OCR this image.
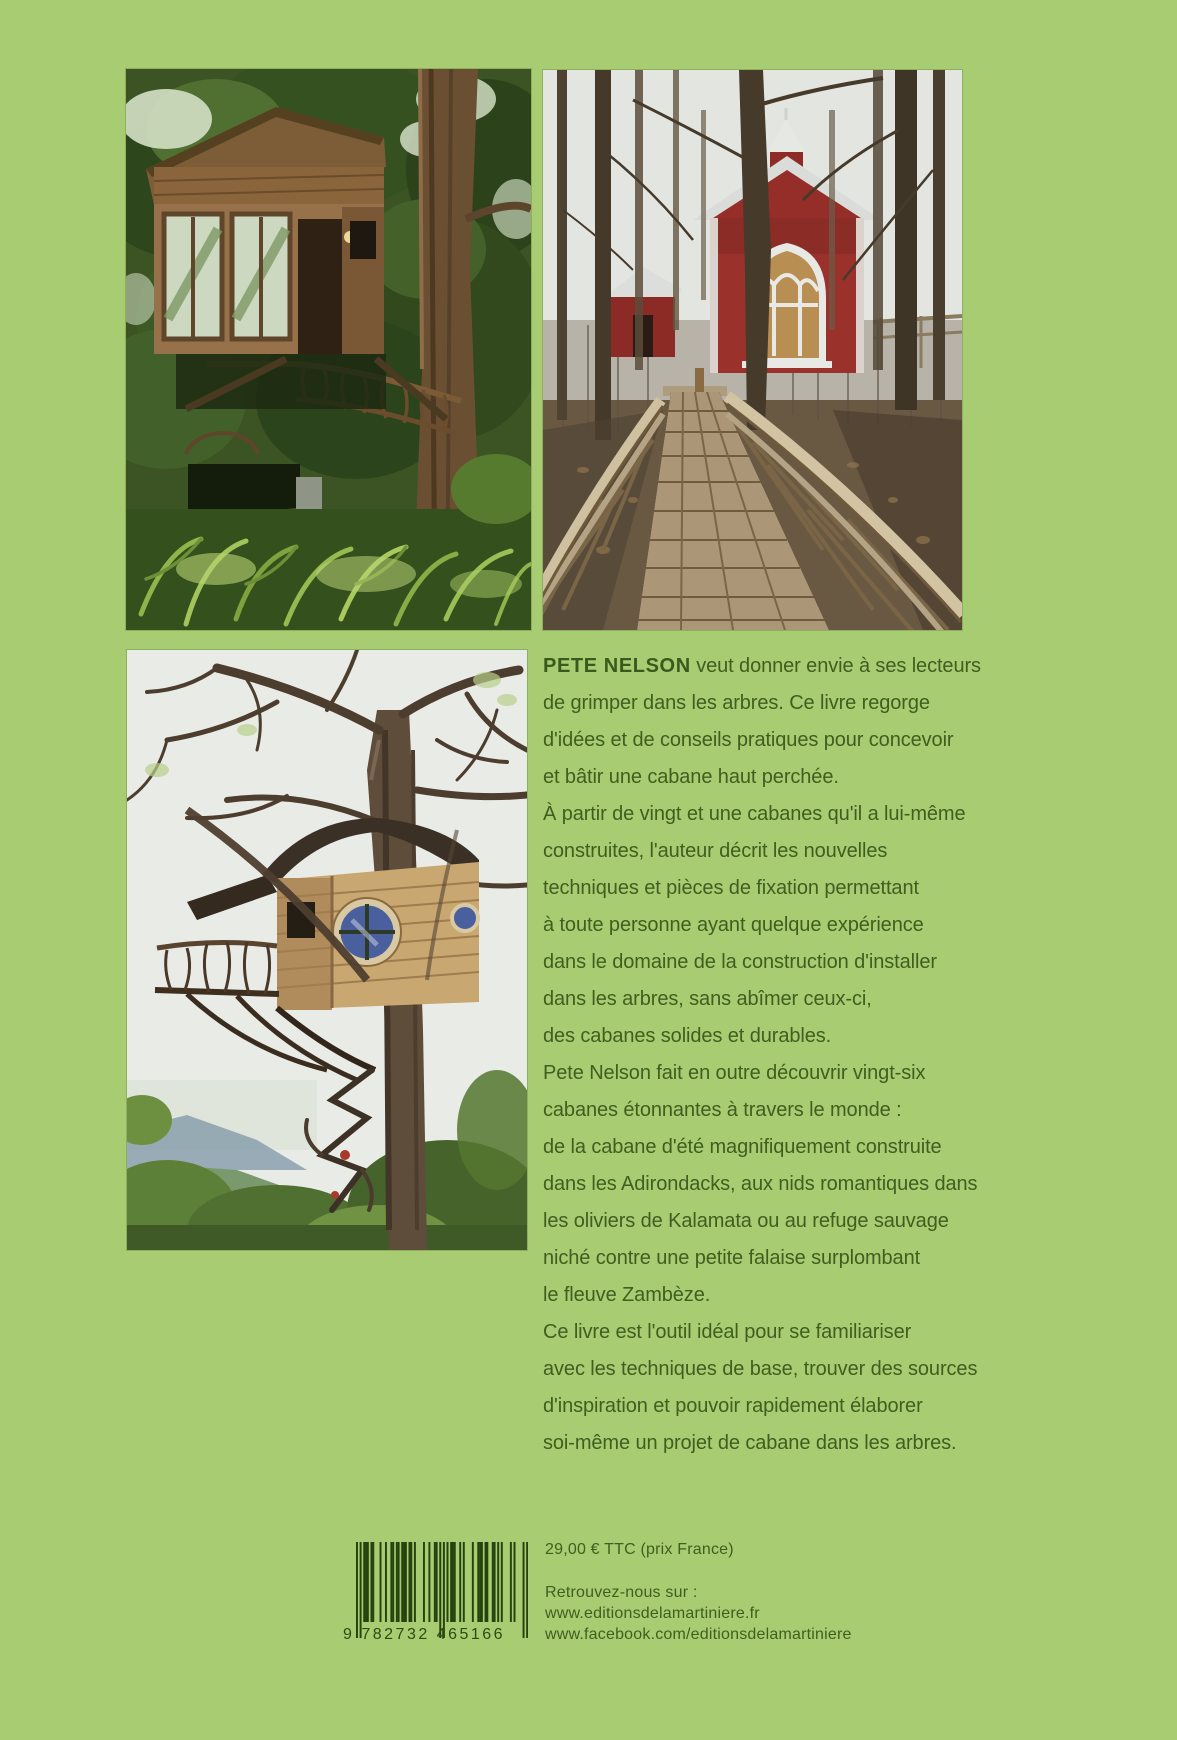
PETE NELSON veut donner envie à ses lecteurs
de grimper dans les arbres. Ce livre regorge
d'idées et de conseils pratiques pour concevoir
et bâtir une cabane haut perchée.
À partir de vingt et une cabanes qu'il a lui-même
construites, l'auteur décrit les nouvelles
techniques et pièces de fixation permettant
à toute personne ayant quelque expérience
dans le domaine de la construction d'installer
dans les arbres, sans abîmer ceux-ci,
des cabanes solides et durables.
Pete Nelson fait en outre découvrir vingt-six
cabanes étonnantes à travers le monde :
de la cabane d'été magnifiquement construite
dans les Adirondacks, aux nids romantiques dans
les oliviers de Kalamata ou au refuge sauvage
niché contre une petite falaise surplombant
le fleuve Zambèze.
Ce livre est l'outil idéal pour se familiariser
avec les techniques de base, trouver des sources
d'inspiration et pouvoir rapidement élaborer
soi-même un projet de cabane dans les arbres.
9 782732 465166
29,00 € TTC (prix France)
Retrouvez-nous sur :
www.editionsdelamartiniere.fr
www.facebook.com/editionsdelamartiniere
